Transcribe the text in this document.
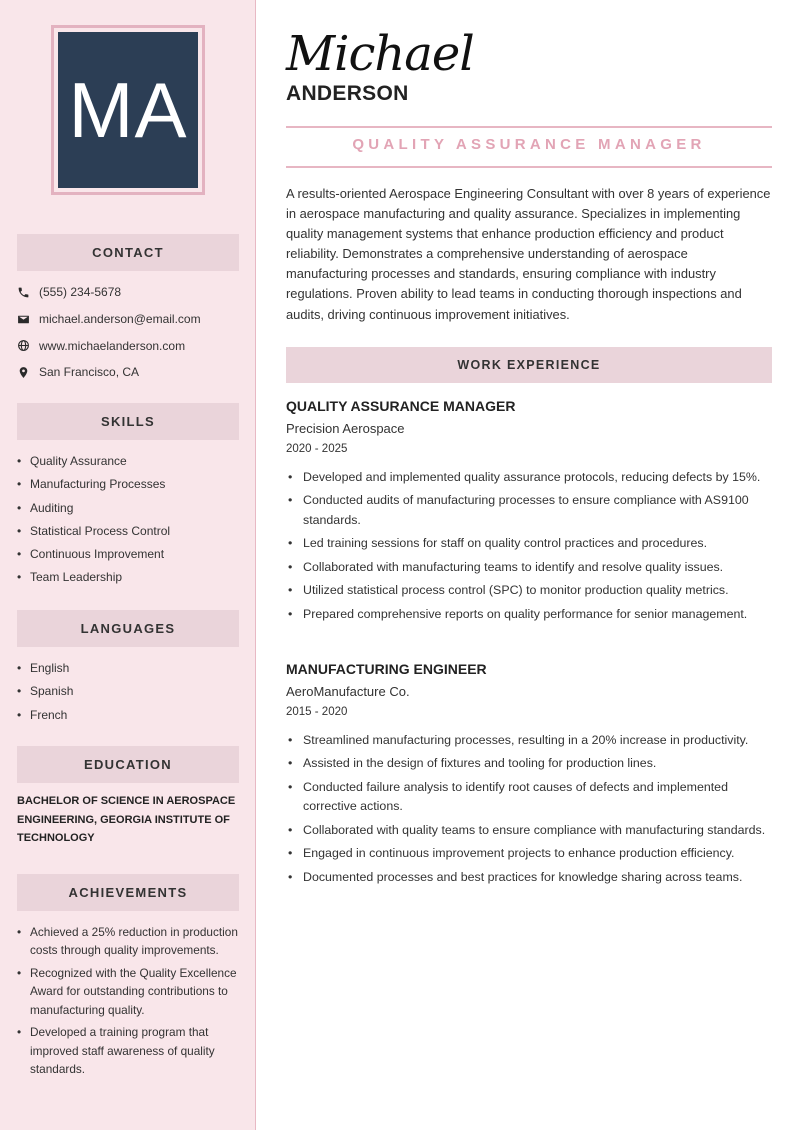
MA
CONTACT
(555) 234-5678
michael.anderson@email.com
www.michaelanderson.com
San Francisco, CA
SKILLS
• Quality Assurance
• Manufacturing Processes
• Auditing
• Statistical Process Control
• Continuous Improvement
• Team Leadership
LANGUAGES
• English
• Spanish
• French
EDUCATION
BACHELOR OF SCIENCE IN AEROSPACE ENGINEERING, GEORGIA INSTITUTE OF TECHNOLOGY
ACHIEVEMENTS
• Achieved a 25% reduction in production costs through quality improvements.
• Recognized with the Quality Excellence Award for outstanding contributions to manufacturing quality.
• Developed a training program that improved staff awareness of quality standards.
Michael
ANDERSON
QUALITY ASSURANCE MANAGER

A results-oriented Aerospace Engineering Consultant with over 8 years of experience in aerospace manufacturing and quality assurance. Specializes in implementing quality management systems that enhance production efficiency and product reliability. Demonstrates a comprehensive understanding of aerospace manufacturing processes and standards, ensuring compliance with industry regulations. Proven ability to lead teams in conducting thorough inspections and audits, driving continuous improvement initiatives.

WORK EXPERIENCE
QUALITY ASSURANCE MANAGER
Precision Aerospace
2020 - 2025
• Developed and implemented quality assurance protocols, reducing defects by 15%.
• Conducted audits of manufacturing processes to ensure compliance with AS9100 standards.
• Led training sessions for staff on quality control practices and procedures.
• Collaborated with manufacturing teams to identify and resolve quality issues.
• Utilized statistical process control (SPC) to monitor production quality metrics.
• Prepared comprehensive reports on quality performance for senior management.
MANUFACTURING ENGINEER
AeroManufacture Co.
2015 - 2020
• Streamlined manufacturing processes, resulting in a 20% increase in productivity.
• Assisted in the design of fixtures and tooling for production lines.
• Conducted failure analysis to identify root causes of defects and implemented corrective actions.
• Collaborated with quality teams to ensure compliance with manufacturing standards.
• Engaged in continuous improvement projects to enhance production efficiency.
• Documented processes and best practices for knowledge sharing across teams.
